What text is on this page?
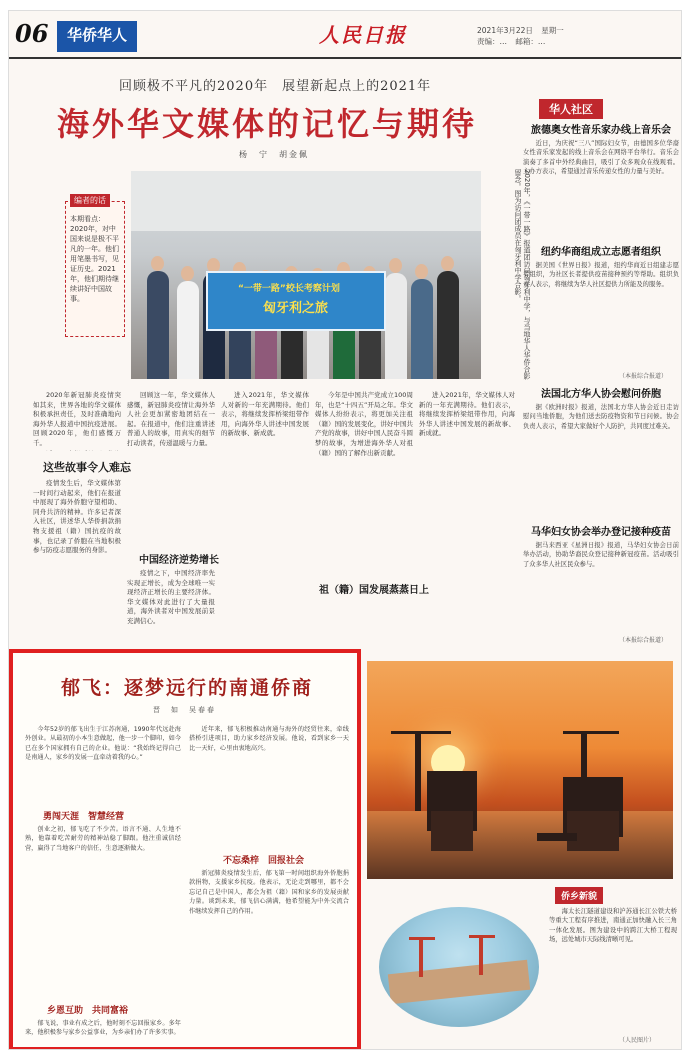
06	华侨华人	人民日报	2021年3月22日 星期一
责编：… 邮箱：…
回顾极不平凡的2020年　展望新起点上的2021年
海外华文媒体的记忆与期待
杨　宁　胡金佩
编者的话
本期看点：2020年，对中国来说是极不平凡的一年。他们用笔墨书写，见证历史。2021年，他们期待继续讲好中国故事。
“一带一路”校长考察计划
匈牙利之旅	2020年，《一带一路》报道团访问匈牙利中学，与当地华人华侨合影留念。图为访问团成员在匈牙利中学合影。

2020年新冠肺炎疫情突如其来，世界各地的华文媒体积极承担责任，及时准确地向海外华人报道中国抗疫进展。回顾2020年，他们感慨万千。

这些故事令人难忘

疫情发生后，华文媒体第一时间行动起来，他们在报道中展现了海外侨胞守望相助、同舟共济的精神。许多记者深入社区，讲述华人华侨捐款捐物支援祖（籍）国抗疫的故事，也记录了侨胞在当地积极参与防疫志愿服务的身影。

回顾这一年，华文媒体人感慨，新冠肺炎疫情让海外华人社会更加紧密地团结在一起。在报道中，他们注重讲述普通人的故事，用真实的细节打动读者，传递温暖与力量。

中国经济逆势增长

疫情之下，中国经济率先实现正增长，成为全球唯一实现经济正增长的主要经济体。华文媒体对此进行了大量报道，海外读者对中国发展前景充满信心。

进入2021年，华文媒体人对新的一年充满期待。他们表示，将继续发挥桥梁纽带作用，向海外华人讲述中国发展的新故事、新成就。

祖（籍）国发展蒸蒸日上

今年是中国共产党成立100周年，也是“十四五”开局之年。华文媒体人纷纷表示，将更加关注祖（籍）国的发展变化，讲好中国共产党的故事，讲好中国人民奋斗圆梦的故事，为增进海外华人对祖（籍）国的了解作出新贡献。

进入2021年，华文媒体人对新的一年充满期待。他们表示，将继续发挥桥梁纽带作用，向海外华人讲述中国发展的新故事、新成就。

华人社区
旅德奥女性音乐家办线上音乐会

近日，为庆祝“三八”国际妇女节，由德国多位华裔女性音乐家发起的线上音乐会在网络平台举行。音乐会演奏了多首中外经典曲目，吸引了众多观众在线观看。主办方表示，希望通过音乐传递女性的力量与美好。

纽约华商组成立志愿者组织

据美国《世界日报》报道，纽约华商近日组建志愿者组织，为社区长者提供疫苗接种预约等帮助。组织负责人表示，将继续为华人社区提供力所能及的服务。

（本报综合报道）
法国北方华人协会慰问侨胞

据《欧洲时报》报道，法国北方华人协会近日走访慰问当地侨胞，为他们送去防疫物资和节日问候。协会负责人表示，希望大家做好个人防护，共同度过难关。

马华妇女协会举办登记接种疫苗

据马来西亚《星洲日报》报道，马华妇女协会日前举办活动，协助华裔民众登记接种新冠疫苗。活动吸引了众多华人社区民众参与。

（本报综合报道）
郁飞：逐梦远行的南通侨商
晋　如　吴春春

今年52岁的郁飞出生于江苏南通，1990年代远赴海外创业。从最初的小本生意做起，他一步一个脚印，如今已在多个国家拥有自己的企业。他说：“我始终记得自己是南通人，家乡的发展一直牵动着我的心。”

勇闯天涯　智慧经营

创业之初，郁飞吃了不少苦。语言不通、人生地不熟，他靠着吃苦耐劳的精神站稳了脚跟。他注重诚信经营，赢得了当地客户的信任，生意逐渐做大。

乡恩互助　共同富裕

郁飞说，事业有成之后，他时刻不忘回报家乡。多年来，他积极参与家乡公益事业，为乡亲们办了许多实事。

近年来，郁飞积极推动南通与海外的经贸往来，牵线搭桥引进项目，助力家乡经济发展。他说，看到家乡一天比一天好，心里由衷地高兴。

不忘桑梓　回报社会

新冠肺炎疫情发生后，郁飞第一时间组织海外侨胞捐款捐物，支援家乡抗疫。他表示，无论走到哪里，都不会忘记自己是中国人，都会为祖（籍）国和家乡的发展贡献力量。谈到未来，郁飞信心满满，他希望能为中外交流合作继续发挥自己的作用。

侨乡新貌

海太长江隧道建设和沪苏通长江公铁大桥等重大工程有序推进，南通正加快融入长三角一体化发展。图为建设中的跨江大桥工程现场，远处城市天际线清晰可见。

（人民图片）
